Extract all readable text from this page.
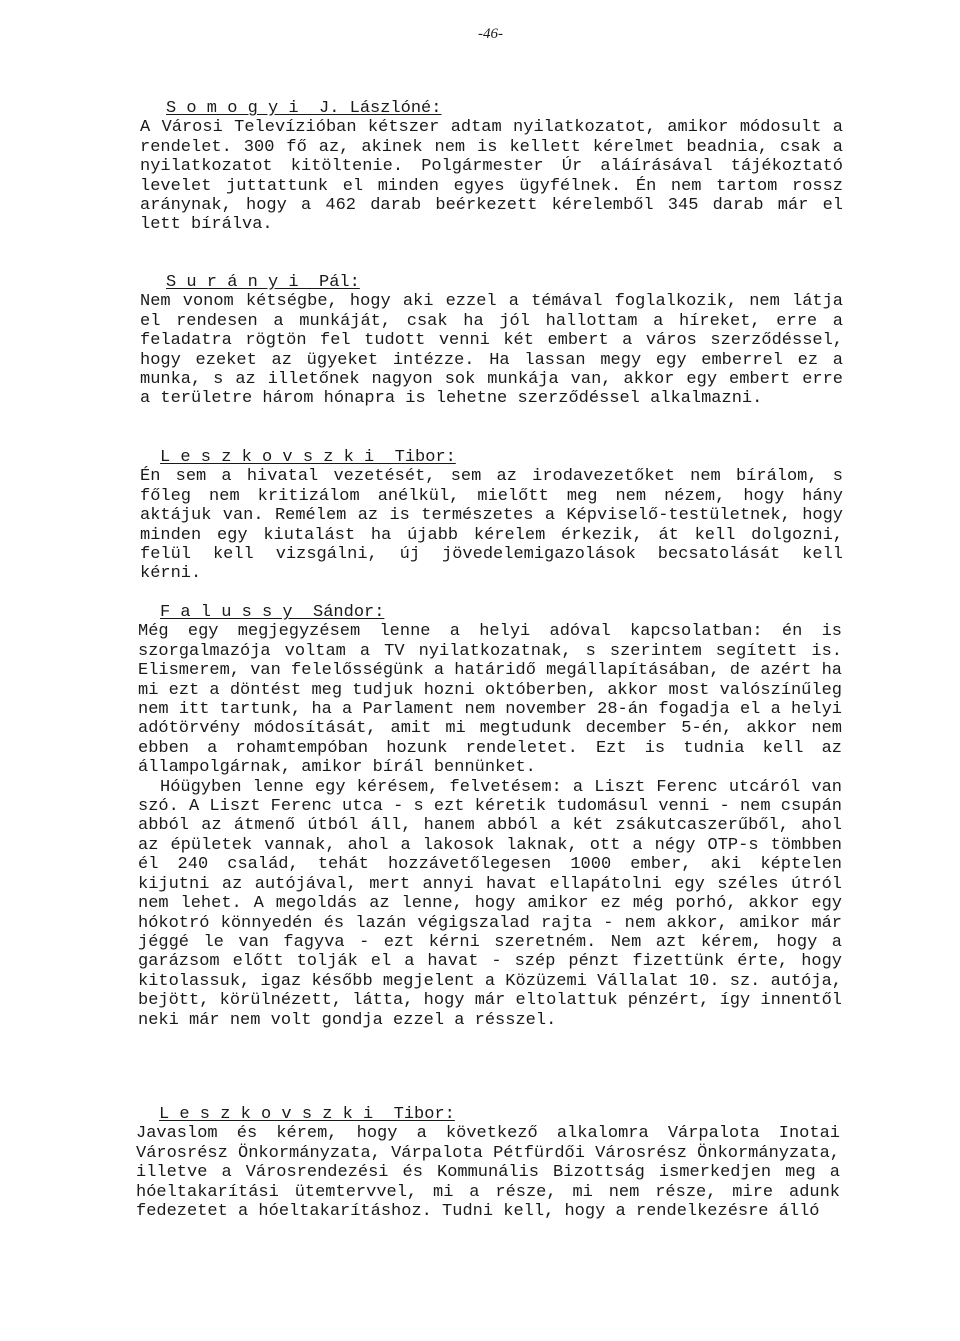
-46-

S o m o g y i  J. Lászlóné:

A Városi Televízióban kétszer adtam nyilatkozatot, amikor módosult a rendelet. 300 fő az, akinek nem is kellett kérelmet beadnia, csak a nyilatkozatot kitöltenie. Polgármester Úr aláírásával tájékoztató levelet juttattunk el minden egyes ügyfélnek. Én nem tartom rossz aránynak, hogy a 462 darab beérkezett kérelemből 345 darab már el lett bírálva.

S u r á n y i  Pál:

Nem vonom kétségbe, hogy aki ezzel a témával foglalkozik, nem látja el rendesen a munkáját, csak ha jól hallottam a híreket, erre a feladatra rögtön fel tudott venni két embert a város szerződéssel, hogy ezeket az ügyeket intézze. Ha lassan megy egy emberrel ez a munka, s az illetőnek nagyon sok munkája van, akkor egy embert erre a területre három hónapra is lehetne szerződéssel alkalmazni.

L e s z k o v s z k i  Tibor:

Én sem a hivatal vezetését, sem az irodavezetőket nem bírálom, s főleg nem kritizálom anélkül, mielőtt meg nem nézem, hogy hány aktájuk van. Remélem az is természetes a Képviselő-testületnek, hogy minden egy kiutalást ha újabb kérelem érkezik, át kell dolgozni, felül kell vizsgálni, új jövedelemigazolások becsatolását kell kérni.

F a l u s s y  Sándor:

Még egy megjegyzésem lenne a helyi adóval kapcsolatban: én is szorgalmazója voltam a TV nyilatkozatnak, s szerintem segített is. Elismerem, van felelősségünk a határidő megállapításában, de azért ha mi ezt a döntést meg tudjuk hozni októberben, akkor most valószínűleg nem itt tartunk, ha a Parlament nem november 28-án fogadja el a helyi adótörvény módosítását, amit mi megtudunk december 5-én, akkor nem ebben a rohamtempóban hozunk rendeletet. Ezt is tudnia kell az állampolgárnak, amikor bírál bennünket.

Hóügyben lenne egy kérésem, felvetésem: a Liszt Ferenc utcáról van szó. A Liszt Ferenc utca - s ezt kéretik tudomásul venni - nem csupán abból az átmenő útból áll, hanem abból a két zsákutcaszerűből, ahol az épületek vannak, ahol a lakosok laknak, ott a négy OTP-s tömbben él 240 család, tehát hozzávetőlegesen 1000 ember, aki képtelen kijutni az autójával, mert annyi havat ellapátolni egy széles útról nem lehet. A megoldás az lenne, hogy amikor ez még porhó, akkor egy hókotró könnyedén és lazán végigszalad rajta - nem akkor, amikor már jéggé le van fagyva - ezt kérni szeretném. Nem azt kérem, hogy a garázsom előtt tolják el a havat - szép pénzt fizettünk érte, hogy kitolassuk, igaz később megjelent a Közüzemi Vállalat 10. sz. autója, bejött, körülnézett, látta, hogy már eltolattuk pénzért, így innentől neki már nem volt gondja ezzel a résszel.

L e s z k o v s z k i  Tibor:

Javaslom és kérem, hogy a következő alkalomra Várpalota Inotai Városrész Önkormányzata, Várpalota Pétfürdői Városrész Önkormányzata, illetve a Városrendezési és Kommunális Bizottság ismerkedjen meg a hóeltakarítási ütemtervvel, mi a része, mi nem része, mire adunk fedezetet a hóeltakarításhoz. Tudni kell, hogy a rendelkezésre álló
